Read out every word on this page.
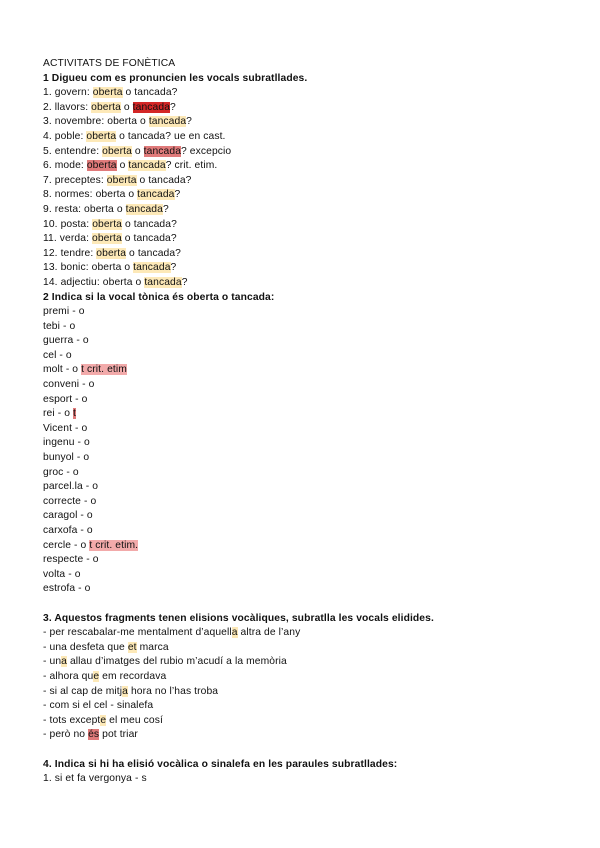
ACTIVITATS DE FONÈTICA
1 Digueu com es pronuncien les vocals subratllades.
1. govern: oberta o tancada?
2. llavors: oberta o tancada?
3. novembre: oberta o tancada?
4. poble: oberta o tancada? ue en cast.
5. entendre: oberta o tancada? excepcio
6. mode: oberta o tancada? crit. etim.
7. preceptes: oberta o tancada?
8. normes: oberta o tancada?
9. resta: oberta o tancada?
10. posta: oberta o tancada?
11. verda: oberta o tancada?
12. tendre: oberta o tancada?
13. bonic: oberta o tancada?
14. adjectiu: oberta o tancada?
2 Indica si la vocal tònica és oberta o tancada:
premi - o
tebi - o
guerra - o
cel - o
molt - o t crit. etim
conveni - o
esport - o
rei - o t
Vicent - o
ingenu - o
bunyol - o
groc - o
parcel.la - o
correcte - o
caragol - o
carxofa - o
cercle - o t crit. etim.
respecte - o
volta - o
estrofa - o
3. Aquestos fragments tenen elisions vocàliques, subratlla les vocals elidides.
- per rescabalar-me mentalment d’aquella altra de l’any
- una desfeta que et marca
- una allau d’imatges del rubio m’acudí a la memòria
- alhora que em recordava
- si al cap de mitja hora no l’has troba
- com si el cel - sinalefa
- tots excepte el meu cosí
- però no és pot triar
4. Indica si hi ha elisió vocàlica o sinalefa en les paraules subratllades:
1. si et fa vergonya - s
